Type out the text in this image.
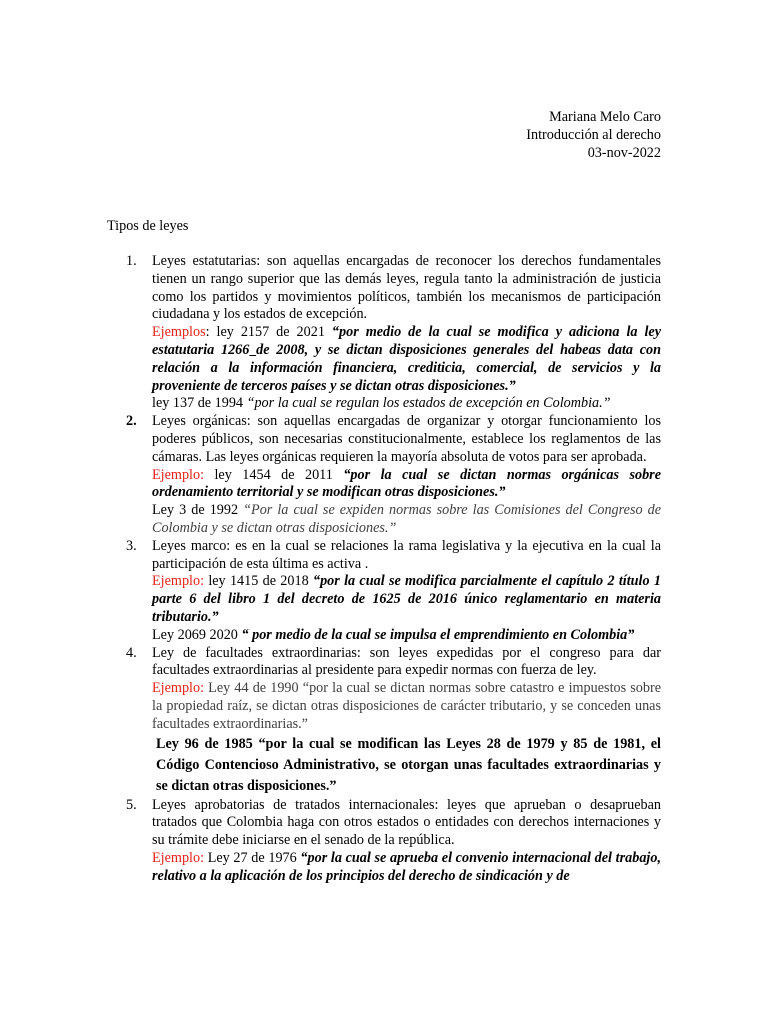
Mariana Melo Caro
Introducción al derecho
03-nov-2022
Tipos de leyes
1. Leyes estatutarias: son aquellas encargadas de reconocer los derechos fundamentales tienen un rango superior que las demás leyes, regula tanto la administración de justicia como los partidos y movimientos políticos, también los mecanismos de participación ciudadana y los estados de excepción.

Ejemplos: ley 2157 de 2021 “por medio de la cual se modifica y adiciona la ley estatutaria 1266 de 2008, y se dictan disposiciones generales del habeas data con relación a la información financiera, crediticia, comercial, de servicios y la proveniente de terceros países y se dictan otras disposiciones.”

ley 137 de 1994 “por la cual se regulan los estados de excepción en Colombia.”

2. Leyes orgánicas: son aquellas encargadas de organizar y otorgar funcionamiento los poderes públicos, son necesarias constitucionalmente, establece los reglamentos de las cámaras. Las leyes orgánicas requieren la mayoría absoluta de votos para ser aprobada.

Ejemplo: ley 1454 de 2011 “por la cual se dictan normas orgánicas sobre ordenamiento territorial y se modifican otras disposiciones.”

Ley 3 de 1992 “Por la cual se expiden normas sobre las Comisiones del Congreso de Colombia y se dictan otras disposiciones.”

3. Leyes marco: es en la cual se relaciones la rama legislativa y la ejecutiva en la cual la participación de esta última es activa .

Ejemplo: ley 1415 de 2018 “por la cual se modifica parcialmente el capítulo 2 título 1 parte 6 del libro 1 del decreto de 1625 de 2016 único reglamentario en materia tributario.”

Ley 2069 2020 “ por medio de la cual se impulsa el emprendimiento en Colombia”

4. Ley de facultades extraordinarias: son leyes expedidas por el congreso para dar facultades extraordinarias al presidente para expedir normas con fuerza de ley.

Ejemplo: Ley 44 de 1990 “por la cual se dictan normas sobre catastro e impuestos sobre la propiedad raíz, se dictan otras disposiciones de carácter tributario, y se conceden unas facultades extraordinarias.”

Ley 96 de 1985 “por la cual se modifican las Leyes 28 de 1979 y 85 de 1981, el Código Contencioso Administrativo, se otorgan unas facultades extraordinarias y se dictan otras disposiciones.”

5. Leyes aprobatorias de tratados internacionales: leyes que aprueban o desaprueban tratados que Colombia haga con otros estados o entidades con derechos internaciones y su trámite debe iniciarse en el senado de la república.

Ejemplo: Ley 27 de 1976 “por la cual se aprueba el convenio internacional del trabajo, relativo a la aplicación de los principios del derecho de sindicación y de
